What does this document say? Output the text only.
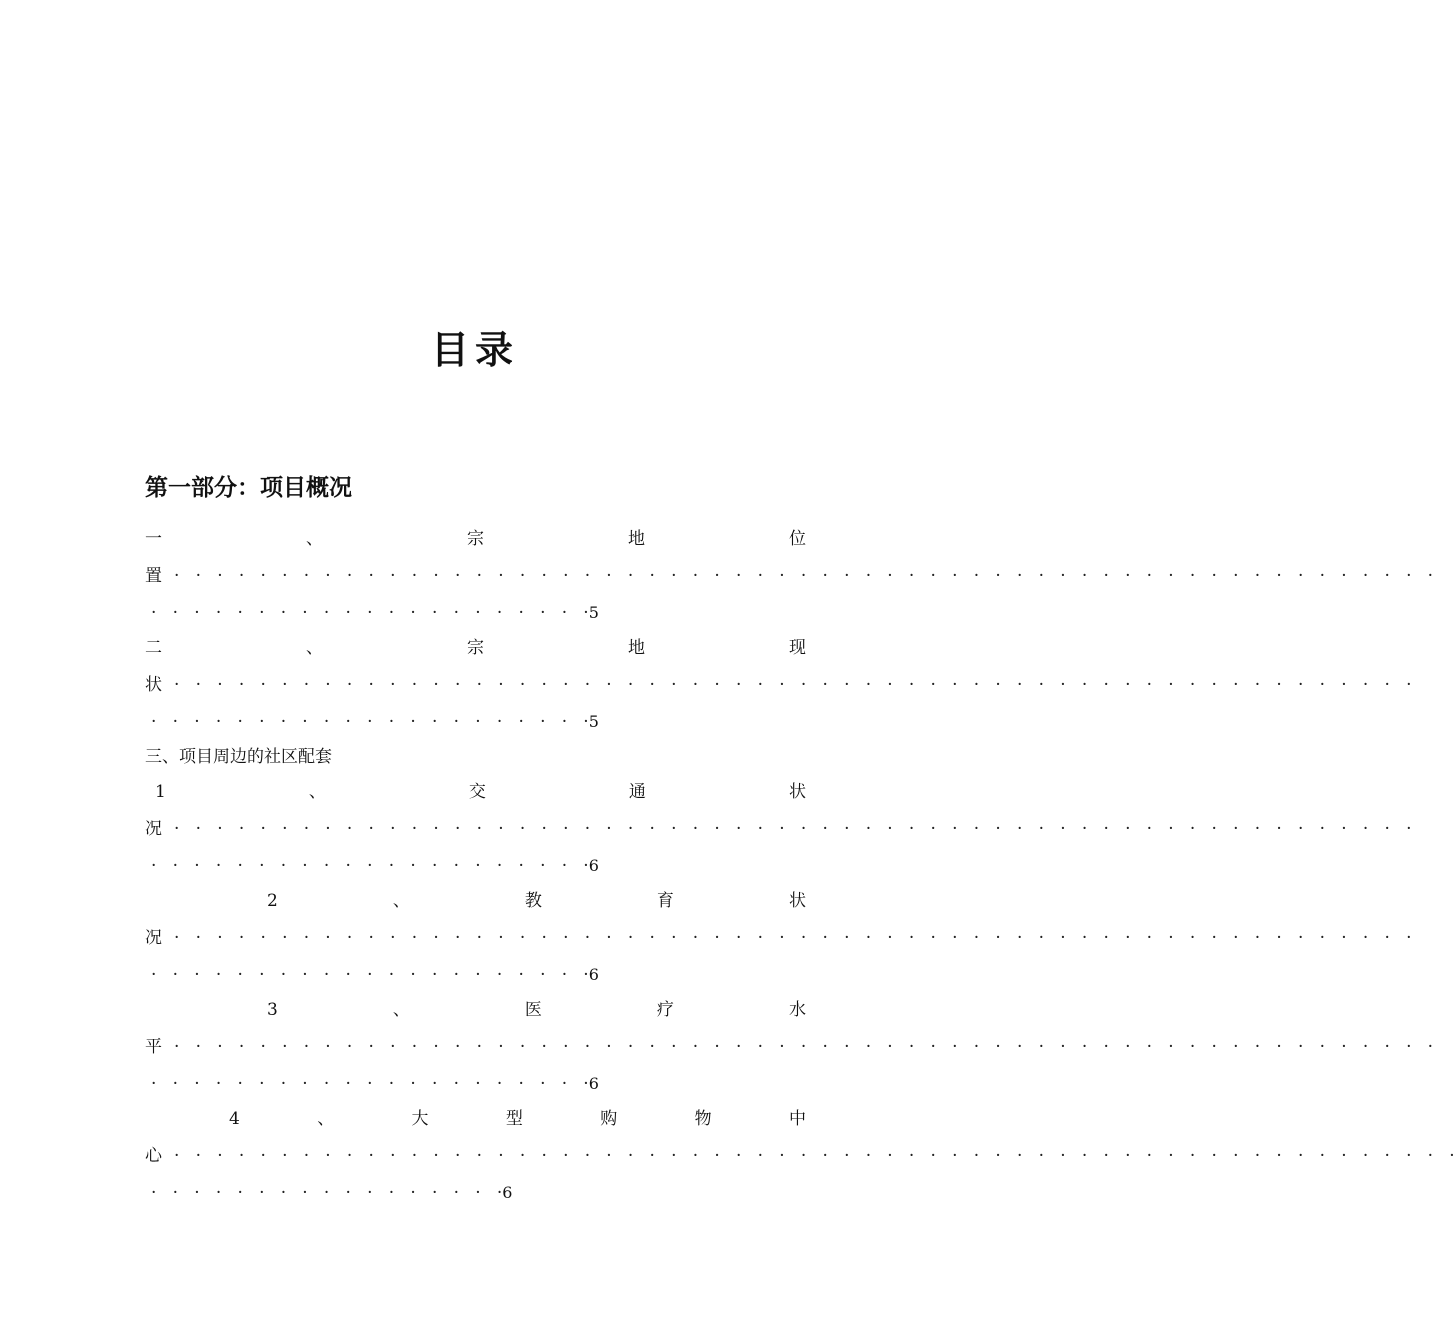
目录
第一部分：项目概况
一	、	宗	地	位
置 ·   ·   ·   ·   ·   ·   ·   ·   ·   ·   ·   ·   ·   ·   ·   ·   ·   ·   ·   ·   ·   ·   ·   ·   ·   ·   ·   ·   ·   ·   ·   ·   ·   ·   ·   ·   ·   ·   ·   ·   ·   ·   ·   ·   ·   ·   ·   ·   ·   ·   ·   ·   ·   ·   ·   ·   ·   ·   ·
·   ·   ·   ·   ·   ·   ·   ·   ·   ·   ·   ·   ·   ·   ·   ·   ·   ·   ·   ·   · 5
二	、	宗	地	现
状 ·   ·   ·   ·   ·   ·   ·   ·   ·   ·   ·   ·   ·   ·   ·   ·   ·   ·   ·   ·   ·   ·   ·   ·   ·   ·   ·   ·   ·   ·   ·   ·   ·   ·   ·   ·   ·   ·   ·   ·   ·   ·   ·   ·   ·   ·   ·   ·   ·   ·   ·   ·   ·   ·   ·   ·   ·   ·
·   ·   ·   ·   ·   ·   ·   ·   ·   ·   ·   ·   ·   ·   ·   ·   ·   ·   ·   ·   · 5
三、项目周边的社区配套
1	、	交	通	状
况 ·   ·   ·   ·   ·   ·   ·   ·   ·   ·   ·   ·   ·   ·   ·   ·   ·   ·   ·   ·   ·   ·   ·   ·   ·   ·   ·   ·   ·   ·   ·   ·   ·   ·   ·   ·   ·   ·   ·   ·   ·   ·   ·   ·   ·   ·   ·   ·   ·   ·   ·   ·   ·   ·   ·   ·   ·   ·
·   ·   ·   ·   ·   ·   ·   ·   ·   ·   ·   ·   ·   ·   ·   ·   ·   ·   ·   ·   · 6
2	、	教	育	状
况 ·   ·   ·   ·   ·   ·   ·   ·   ·   ·   ·   ·   ·   ·   ·   ·   ·   ·   ·   ·   ·   ·   ·   ·   ·   ·   ·   ·   ·   ·   ·   ·   ·   ·   ·   ·   ·   ·   ·   ·   ·   ·   ·   ·   ·   ·   ·   ·   ·   ·   ·   ·   ·   ·   ·   ·   ·   ·
·   ·   ·   ·   ·   ·   ·   ·   ·   ·   ·   ·   ·   ·   ·   ·   ·   ·   ·   ·   · 6
3	、	医	疗	水
平 ·   ·   ·   ·   ·   ·   ·   ·   ·   ·   ·   ·   ·   ·   ·   ·   ·   ·   ·   ·   ·   ·   ·   ·   ·   ·   ·   ·   ·   ·   ·   ·   ·   ·   ·   ·   ·   ·   ·   ·   ·   ·   ·   ·   ·   ·   ·   ·   ·   ·   ·   ·   ·   ·   ·   ·   ·   ·   ·
·   ·   ·   ·   ·   ·   ·   ·   ·   ·   ·   ·   ·   ·   ·   ·   ·   ·   ·   ·   · 6
4	、	大	型	购	物	中
心 ·   ·   ·   ·   ·   ·   ·   ·   ·   ·   ·   ·   ·   ·   ·   ·   ·   ·   ·   ·   ·   ·   ·   ·   ·   ·   ·   ·   ·   ·   ·   ·   ·   ·   ·   ·   ·   ·   ·   ·   ·   ·   ·   ·   ·   ·   ·   ·   ·   ·   ·   ·   ·   ·   ·   ·   ·   ·   ·   ·
·   ·   ·   ·   ·   ·   ·   ·   ·   ·   ·   ·   ·   ·   ·   ·   · 6
